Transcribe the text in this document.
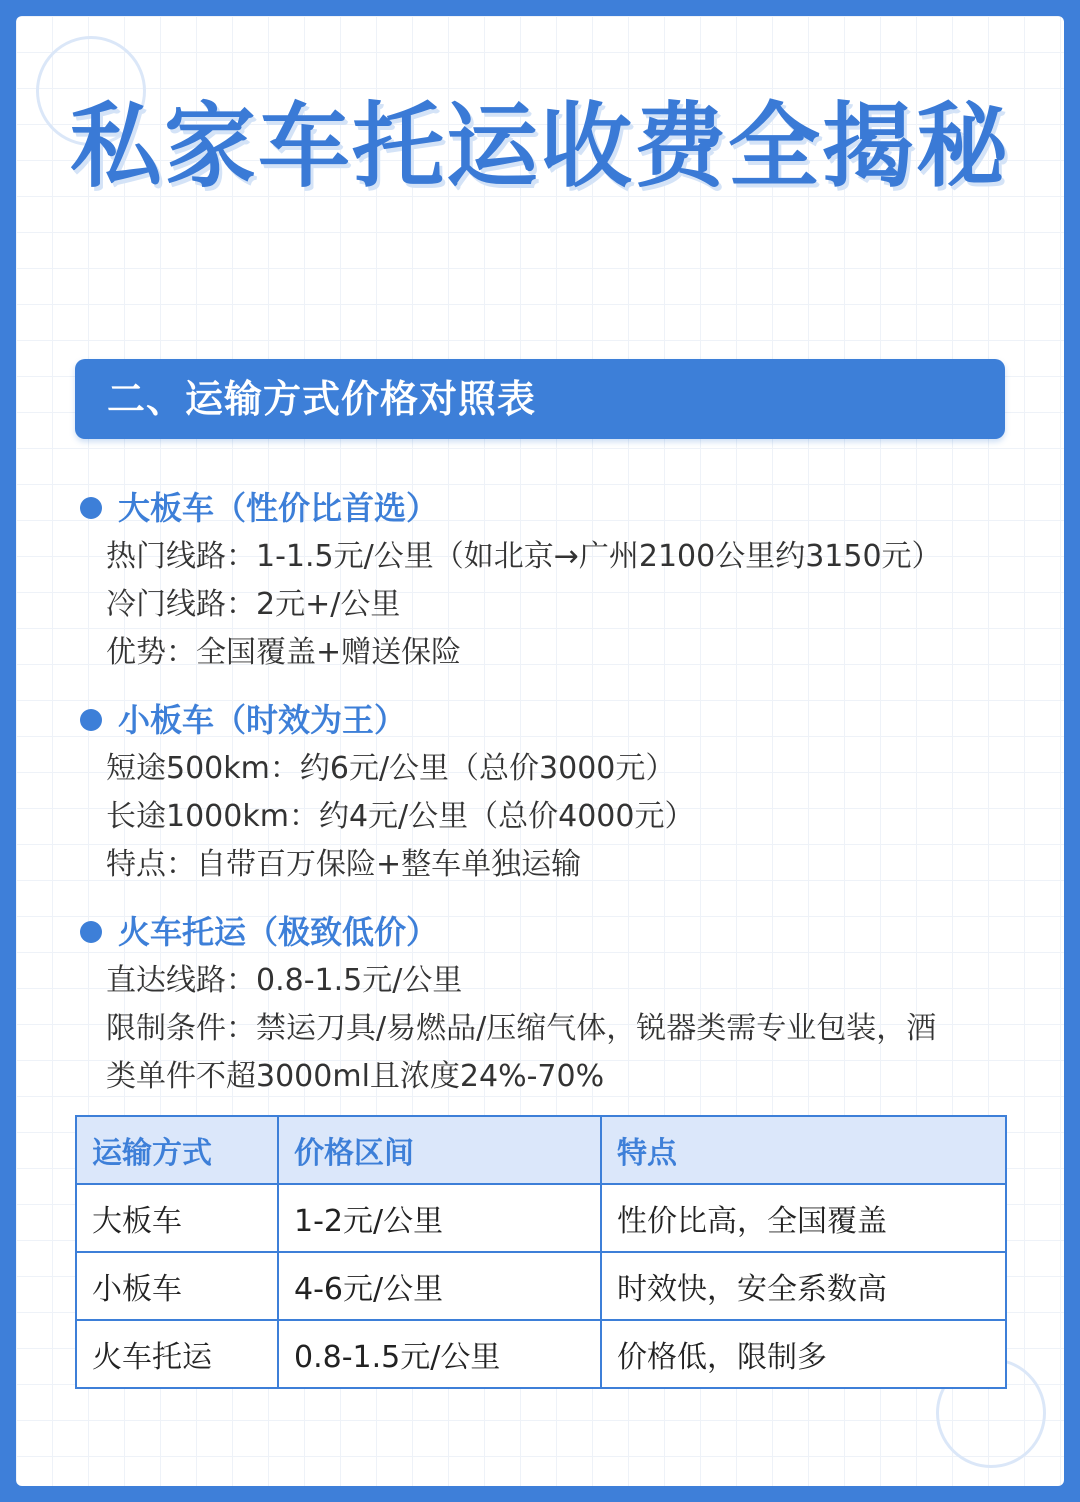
私家车托运收费全揭秘
二、运输方式价格对照表
大板车（性价比首选）
热门线路：1-1.5元/公里（如北京→广州2100公里约3150元）
冷门线路：2元+/公里
优势：全国覆盖+赠送保险
小板车（时效为王）
短途500km：约6元/公里（总价3000元）
长途1000km：约4元/公里（总价4000元）
特点：自带百万保险+整车单独运输
火车托运（极致低价）
直达线路：0.8-1.5元/公里
限制条件：禁运刀具/易燃品/压缩气体，锐器类需专业包装，酒
类单件不超3000ml且浓度24%-70%
运输方式	价格区间	特点
大板车	1-2元/公里	性价比高，全国覆盖
小板车	4-6元/公里	时效快，安全系数高
火车托运	0.8-1.5元/公里	价格低，限制多
